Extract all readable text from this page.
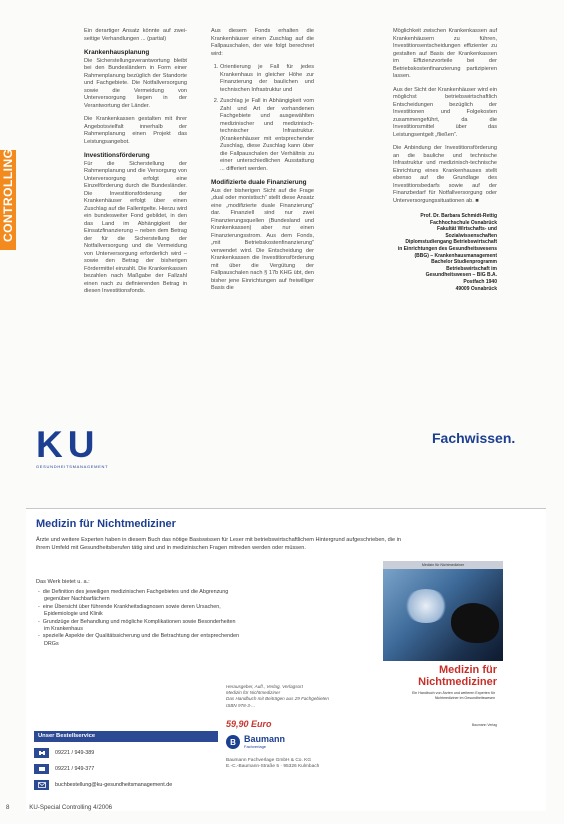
CONTROLLING

Ein derartiger Ansatz könnte auf zwei-seitige Verhandlungen ... (partial)

Krankenhausplanung

Die Sicherstellungsverantwortung bleibt bei den Bundesländern in Form einer Rahmenplanung bezüglich der Standorte und Fachgebiete. Die Notfallversorgung sowie die Vermeidung von Unterversorgung liegen in der Verantwortung der Länder.

Die Krankenkassen gestalten mit ihrer Angebotsvielfalt innerhalb der Rahmenplanung einen Projekt das Leistungsangebot.

Investitionsförderung

Für die Sicherstellung der Rahmenplanung und die Versorgung von Unterversorgung erfolgt eine Einzelförderung durch die Bundesländer. Die Investitionsförderung der Krankenhäuser erfolgt über einen Zuschlag auf die Fallentgelte. Hierzu wird ein bundesweiter Fond gebildet, in den das Land im Abhängigkeit der Einsatzfinanzierung – neben dem Betrag der für die Sicherstellung der Notfallversorgung und die Vermeidung von Unterversorgung erforderlich wird – sowie den Betrag der bisherigen Fördermittel einzahlt. Die Krankenkassen bezahlen nach Maßgabe der Fallzahl einen nach zu definierenden Betrag in diesen Investitionsfonds.

Aus diesem Fonds erhalten die Krankenhäuser einen Zuschlag auf die Fallpauschalen, der wie folgt berechnet wird:

1. Orientierung je Fall für jedes Krankenhaus in gleicher Höhe zur Finanzierung der baulichen und technischen Infrastruktur und
2. Zuschlag je Fall in Abhängigkeit vom Zahl und Art der vorhandenen Fachgebiete und ausgewählten medizinischer und medizinisch-technischer Infrastruktur. (Krankenhäuser mit entsprechender Zuschlag, diese Zuschlag kann über die Fallpauschalen der Verhältnis zu einer unterschiedlichen Ausstattung ... differiert werden.
Modifizierte duale Finanzierung

Aus der bisherigen Sicht auf die Frage „dual oder monistisch“ stellt diese Ansatz eine „modifizierte duale Finanzierung“ dar. Finanziell sind nur zwei Finanzierungsquellen (Bundesland und Krankenkassen) aber nur einen Finanzierungsstrom. Aus dem Fonds, „mit Betriebskostenfinanzierung“ verwendet wird. Die Entscheidung der Krankenkassen die Investitionsförderung mit über die Vergütung der Fallpauschalen nach § 17b KHG übt, den bisher jene Einrichtungen auf freiwilliger Basis die

Möglichkeit zwischen Krankenkassen auf Krankenhäusern zu führen, Investitionsentscheidungen effizienter zu gestalten auf Basis der Krankenkassen im Effizienzvorteile bei der Betriebskostenfinanzierung partizipieren lassen.

Aus der Sicht der Krankenhäuser wird ein möglichst betriebswirtschaftlich Entscheidungen bezüglich der Investitionen und Folgekosten zusammengeführt, da die Investitionsmittel über das Leistungsentgelt „fließen“.

Die Anbindung der Investitionsförderung an die bauliche und technische Infrastruktur und medizinisch-technische Einrichtung eines Krankenhauses stellt ebenso auf die Grundlage des Investitionsbedarfs sowie auf der Finanzbedarf für Notfallversorgung oder Unterversorgungssituationen ab. ■

Prof. Dr. Barbara Schmidt-Rettig
Fachhochschule Osnabrück
Fakultät Wirtschafts- und
Sozialwissenschaften
Diplomstudiengang Betriebswirtschaft
in Einrichtungen des Gesundheitswesens
(BBG) – Krankenhausmanagement
Bachelor Studienprogramm
Betriebswirtschaft im
Gesundheitswesen – BIG B.A.
Postfach 1940
49009 Osnabrück
KU
GESUNDHEITSMANAGEMENT
Fachwissen.
Medizin für Nichtmediziner
Ärzte und weitere Experten haben in diesem Buch das nötige Basiswissen für Leser mit betriebswirtschaftlichem Hintergrund aufgeschrieben, die in ihrem Umfeld mit Gesundheitsberufen tätig sind und in medizinischen Fragen mitreden werden oder müssen.
Das Werk bietet u. a.:
- die Definition des jeweiligen medizinischen Fachgebietes und die Abgrenzung gegenüber Nachbarfächern
- eine Übersicht über führende Krankheitsdiagnosen sowie deren Ursachen, Epidemiologie und Klinik
- Grundzüge der Behandlung und mögliche Komplikationen sowie Besonderheiten im Krankenhaus
- spezielle Aspekte der Qualitätssicherung und die Betrachtung der entsprechenden DRGs
Herausgeber, Aufl., Verlag, Verlagsort
Medizin für Nichtmediziner
Das Handbuch mit Beiträgen aus 29 Fachgebieten
ISBN 978-3-...
59,90 Euro
Unser Bestellservice
09221 / 949-389
09221 / 949-377
buchbestellung@ku-gesundheitsmanagement.de
B Baumann
Fachverlage
Baumann Fachverlage GmbH & Co. KG
E.-C.-Baumann-Straße 5 · 95326 Kulmbach
Medizin für Nichtmediziner
Medizin für
Nichtmediziner
Ein Handbuch von Ärzten und weiteren Experten für Nichtmediziner im Gesundheitswesen
Baumann Verlag
8	KU-Special Controlling 4/2006
